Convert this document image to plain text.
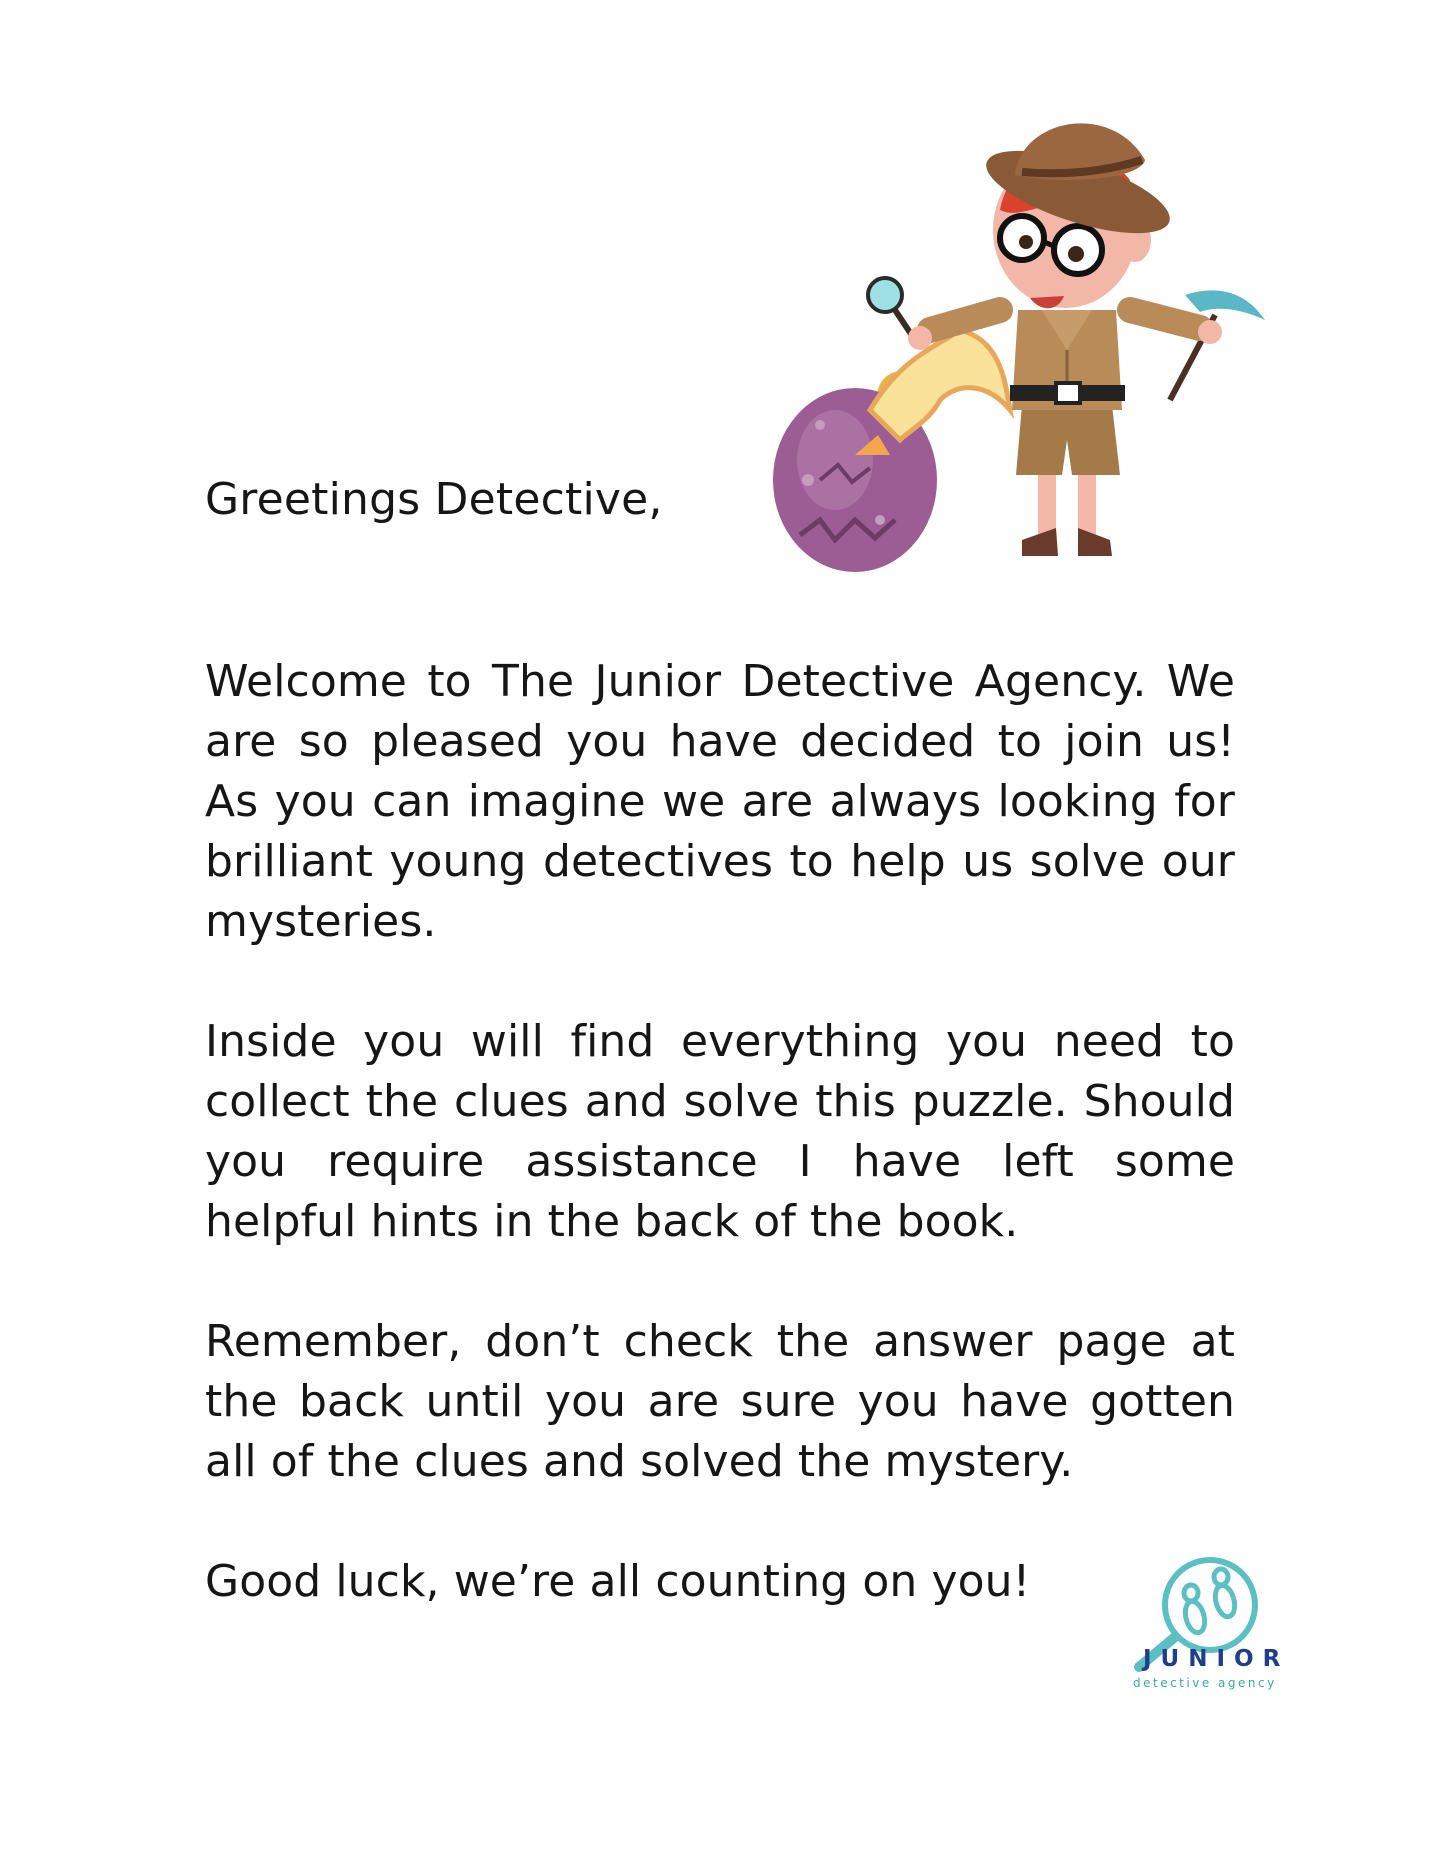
Greetings Detective,

Welcome to The Junior Detective Agency. We are so pleased you have decided to join us! As you can imagine we are always looking for brilliant young detectives to help us solve our mysteries.

Inside you will find everything you need to collect the clues and solve this puzzle. Should you require assistance I have left some helpful hints in the back of the book.

Remember, don’t check the answer page at the back until you are sure you have gotten all of the clues and solved the mystery.

Good luck, we’re all counting on you!

JUNIOR
detective agency
